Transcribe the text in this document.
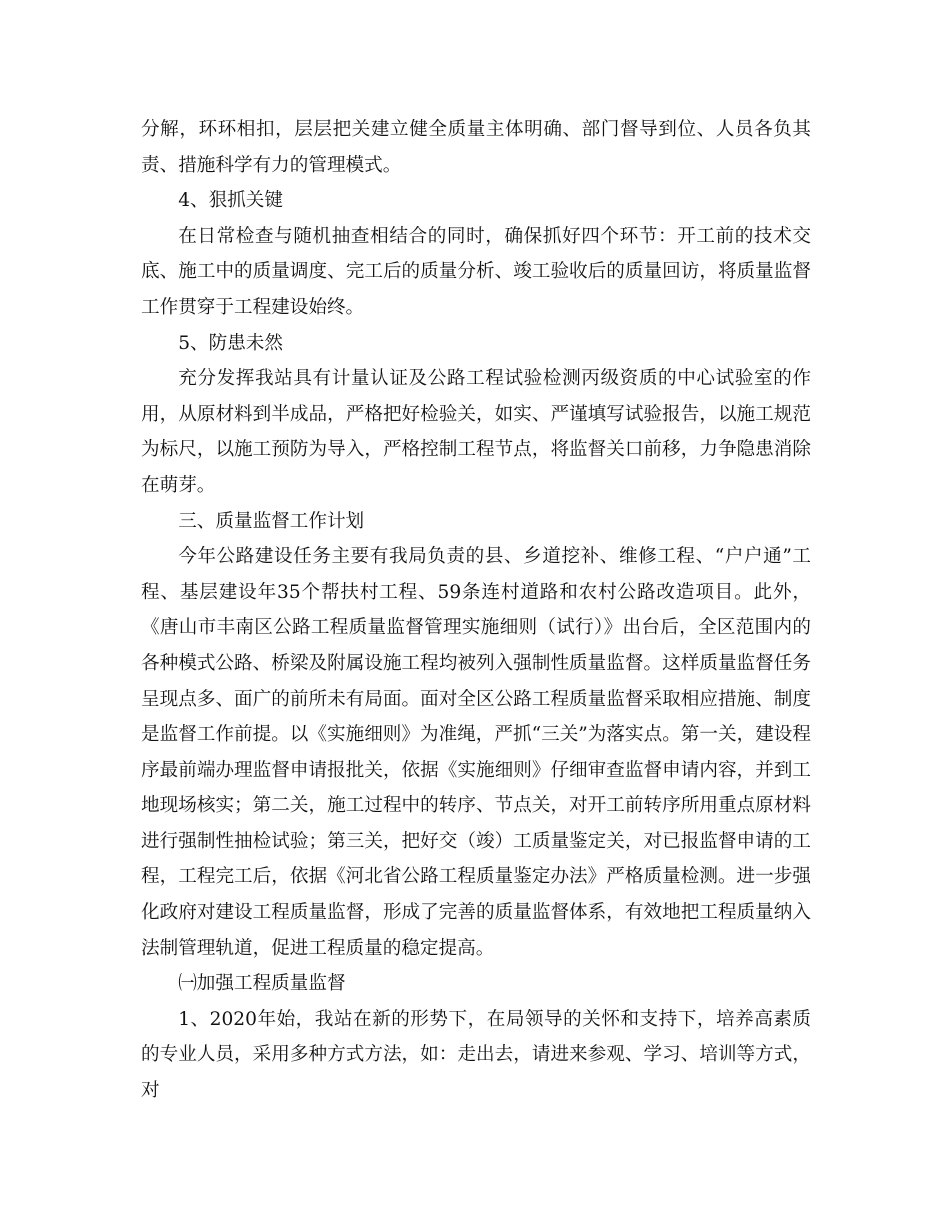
分解，环环相扣，层层把关建立健全质量主体明确、部门督导到位、人员各负其责、措施科学有力的管理模式。

4、狠抓关键

在日常检查与随机抽查相结合的同时，确保抓好四个环节：开工前的技术交底、施工中的质量调度、完工后的质量分析、竣工验收后的质量回访，将质量监督工作贯穿于工程建设始终。

5、防患未然

充分发挥我站具有计量认证及公路工程试验检测丙级资质的中心试验室的作用，从原材料到半成品，严格把好检验关，如实、严谨填写试验报告，以施工规范为标尺，以施工预防为导入，严格控制工程节点，将监督关口前移，力争隐患消除在萌芽。

三、质量监督工作计划

今年公路建设任务主要有我局负责的县、乡道挖补、维修工程、“户户通”工程、基层建设年35个帮扶村工程、59条连村道路和农村公路改造项目。此外，《唐山市丰南区公路工程质量监督管理实施细则（试行）》出台后，全区范围内的各种模式公路、桥梁及附属设施工程均被列入强制性质量监督。这样质量监督任务呈现点多、面广的前所未有局面。面对全区公路工程质量监督采取相应措施、制度是监督工作前提。以《实施细则》为准绳，严抓“三关”为落实点。第一关，建设程序最前端办理监督申请报批关，依据《实施细则》仔细审查监督申请内容，并到工地现场核实；第二关，施工过程中的转序、节点关，对开工前转序所用重点原材料进行强制性抽检试验；第三关，把好交（竣）工质量鉴定关，对已报监督申请的工程，工程完工后，依据《河北省公路工程质量鉴定办法》严格质量检测。进一步强化政府对建设工程质量监督，形成了完善的质量监督体系，有效地把工程质量纳入法制管理轨道，促进工程质量的稳定提高。

㈠加强工程质量监督

1、2020年始，我站在新的形势下，在局领导的关怀和支持下，培养高素质的专业人员，采用多种方式方法，如：走出去，请进来参观、学习、培训等方式，对
